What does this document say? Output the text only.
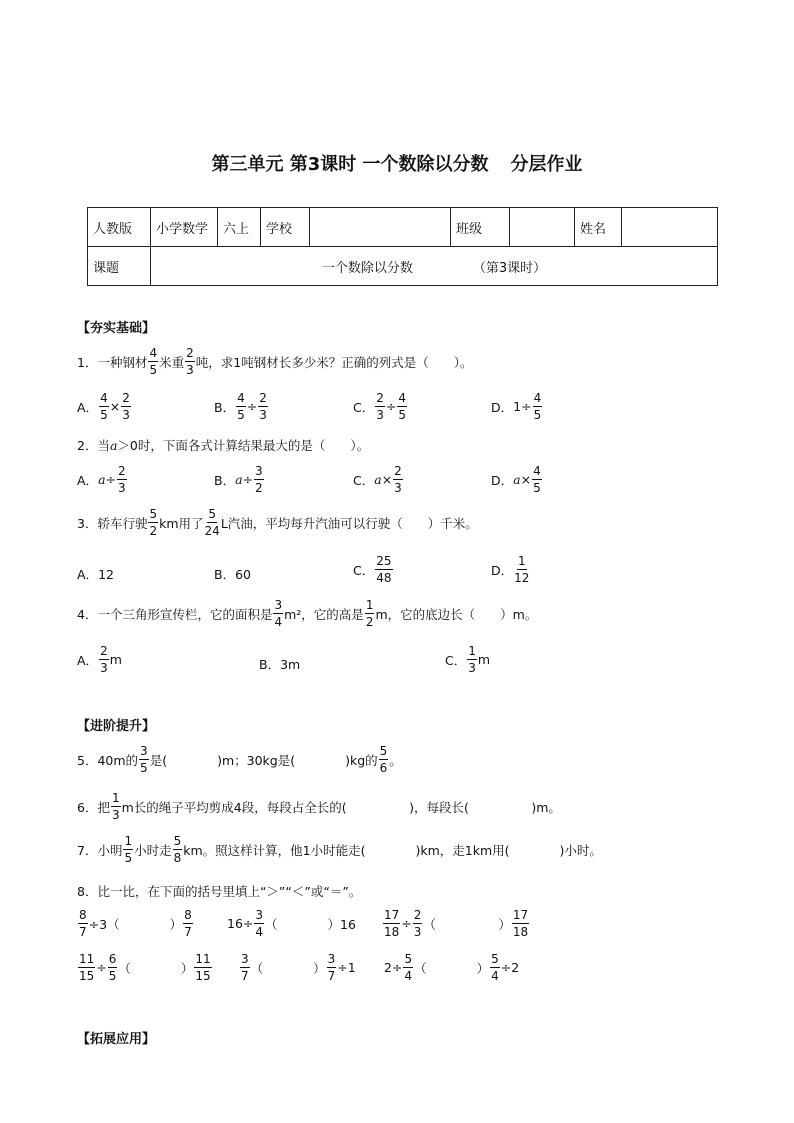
第三单元 第3课时 一个数除以分数 分层作业
人教版	小学数学	六上	学校		班级		姓名	
课题	一个数除以分数 （第3课时）							
【夯实基础】
1． 一种钢材 $\frac{4}{5}$ 米重 $\frac{2}{3}$ 吨，求1吨钢材长多少米？正确的列式是（　　）。
A． $\frac{4}{5} \times \frac{2}{3}$	B． $\frac{4}{5} \div \frac{2}{3}$	C． $\frac{2}{3} \div \frac{4}{5}$	D． $1\div \frac{4}{5}$
2． 当 a ＞0时，下面各式计算结果最大的是（　　）。
A． $a \div \frac{2}{3}$	B． $a \div \frac{3}{2}$	C． $a \times \frac{2}{3}$	D． $a \times \frac{4}{5}$
3． 轿车行驶 $\frac{5}{2}$ km用了 $\frac{5}{24}$ L汽油，平均每升汽油可以行驶（　　）千米。
A． 12	B． 60	C． $\frac{25}{48}$	D． $\frac{1}{12}$
4． 一个三角形宣传栏，它的面积是 $\frac{3}{4} m^2$，它的高是 $\frac{1}{2}$ m，它的底边长（　　）m。
A． $\frac{2}{3}$ m	B． 3m	C． $\frac{1}{3}$ m
【进阶提升】
5． 40m的 $\frac{3}{5}$ 是(　　　　)m；30kg是(　　　　)kg的 $\frac{5}{6}$ 。
6． 把 $\frac{1}{3}$ m长的绳子平均剪成4段，每段占全长的(　　　　　)，每段长(　　　　　)m。
7． 小明 $\frac{1}{5}$ 小时走 $\frac{5}{8}$ km。照这样计算，他1小时能走(　　　　)km，走1km用(　　　　)小时。
8． 比一比，在下面的括号里填上“＞”“＜”或“＝”。
$\frac{8}{7} \div 3$（　　　　） $\frac{8}{7}$	$16\div \frac{3}{4}$ （　　　　）$16 \frac{17}{18} \div \frac{2}{3}$ （　　　　　） $\frac{17}{18}$
$\frac{11}{15} \div \frac{6}{5}$ （　　　　） $\frac{11}{15} \frac{3}{7}$ （　　　　） $\frac{3}{7} \div 1$ $2\div \frac{5}{4}$ （　　　　） $\frac{5}{4} \div 2$
【拓展应用】
